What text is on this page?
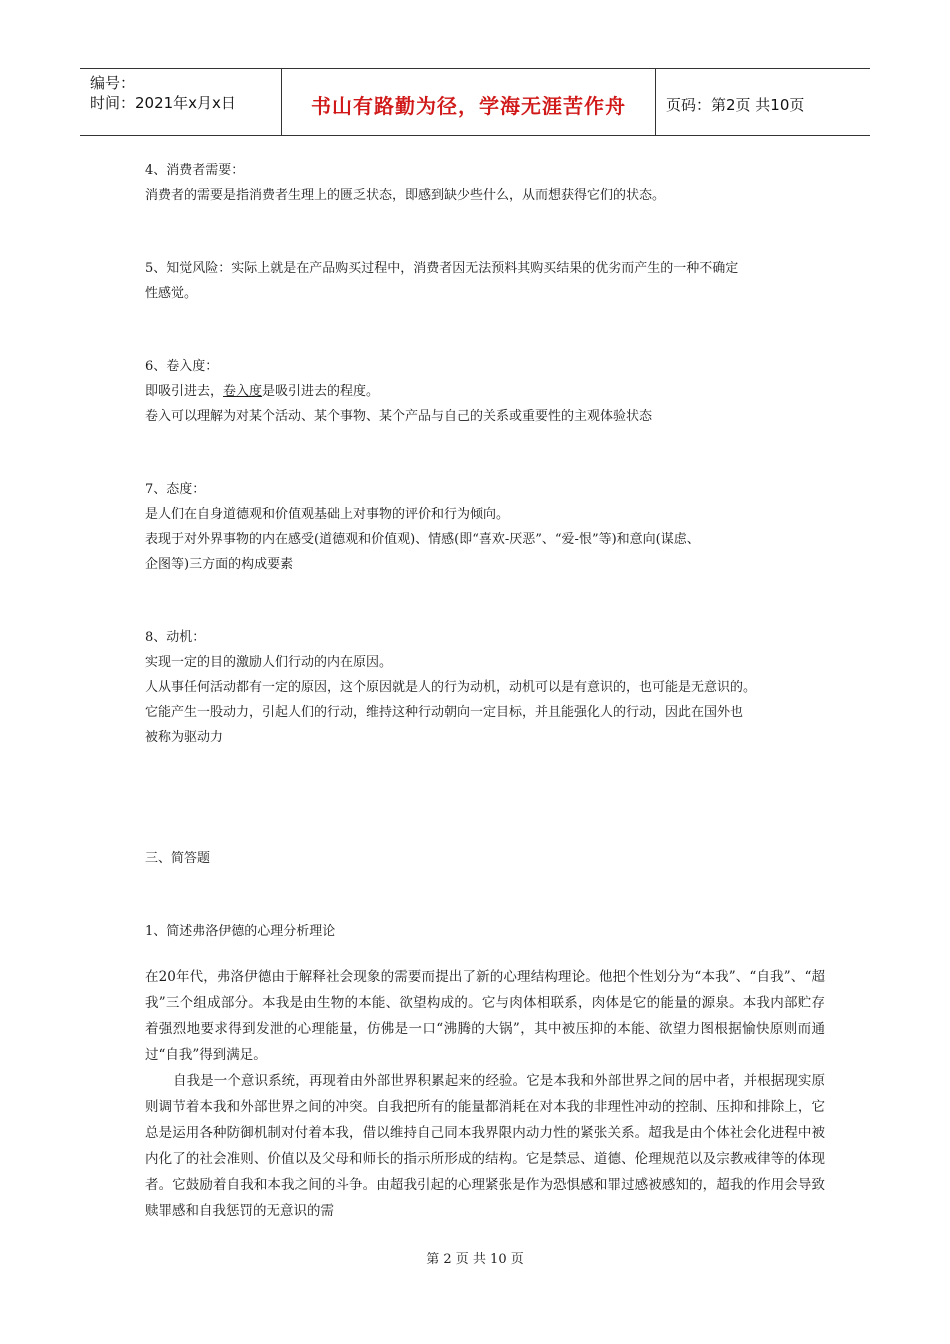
编号：
时间：2021年x月x日	书山有路勤为径，学海无涯苦作舟	页码：第2页 共10页

4、消费者需要：

消费者的需要是指消费者生理上的匮乏状态，即感到缺少些什么，从而想获得它们的状态。

5、知觉风险：实际上就是在产品购买过程中，消费者因无法预料其购买结果的优劣而产生的一种不确定

性感觉。

6、卷入度：

即吸引进去，卷入度是吸引进去的程度。

卷入可以理解为对某个活动、某个事物、某个产品与自己的关系或重要性的主观体验状态

7、态度：

是人们在自身道德观和价值观基础上对事物的评价和行为倾向。

表现于对外界事物的内在感受(道德观和价值观)、情感(即“喜欢-厌恶”、“爱-恨”等)和意向(谋虑、

企图等)三方面的构成要素

8、动机：

实现一定的目的激励人们行动的内在原因。

人从事任何活动都有一定的原因，这个原因就是人的行为动机，动机可以是有意识的，也可能是无意识的。

它能产生一股动力，引起人们的行动，维持这种行动朝向一定目标，并且能强化人的行动，因此在国外也

被称为驱动力

三、简答题

1、简述弗洛伊德的心理分析理论

在20年代，弗洛伊德由于解释社会现象的需要而提出了新的心理结构理论。他把个性划分为“本我”、“自我”、“超我”三个组成部分。本我是由生物的本能、欲望构成的。它与肉体相联系，肉体是它的能量的源泉。本我内部贮存着强烈地要求得到发泄的心理能量，仿佛是一口“沸腾的大锅”，其中被压抑的本能、欲望力图根据愉快原则而通过“自我”得到满足。

自我是一个意识系统，再现着由外部世界积累起来的经验。它是本我和外部世界之间的居中者，并根据现实原则调节着本我和外部世界之间的冲突。自我把所有的能量都消耗在对本我的非理性冲动的控制、压抑和排除上，它总是运用各种防御机制对付着本我，借以维持自己同本我界限内动力性的紧张关系。超我是由个体社会化进程中被内化了的社会准则、价值以及父母和师长的指示所形成的结构。它是禁忌、道德、伦理规范以及宗教戒律等的体现者。它鼓励着自我和本我之间的斗争。由超我引起的心理紧张是作为恐惧感和罪过感被感知的，超我的作用会导致赎罪感和自我惩罚的无意识的需

第 2 页 共 10 页
